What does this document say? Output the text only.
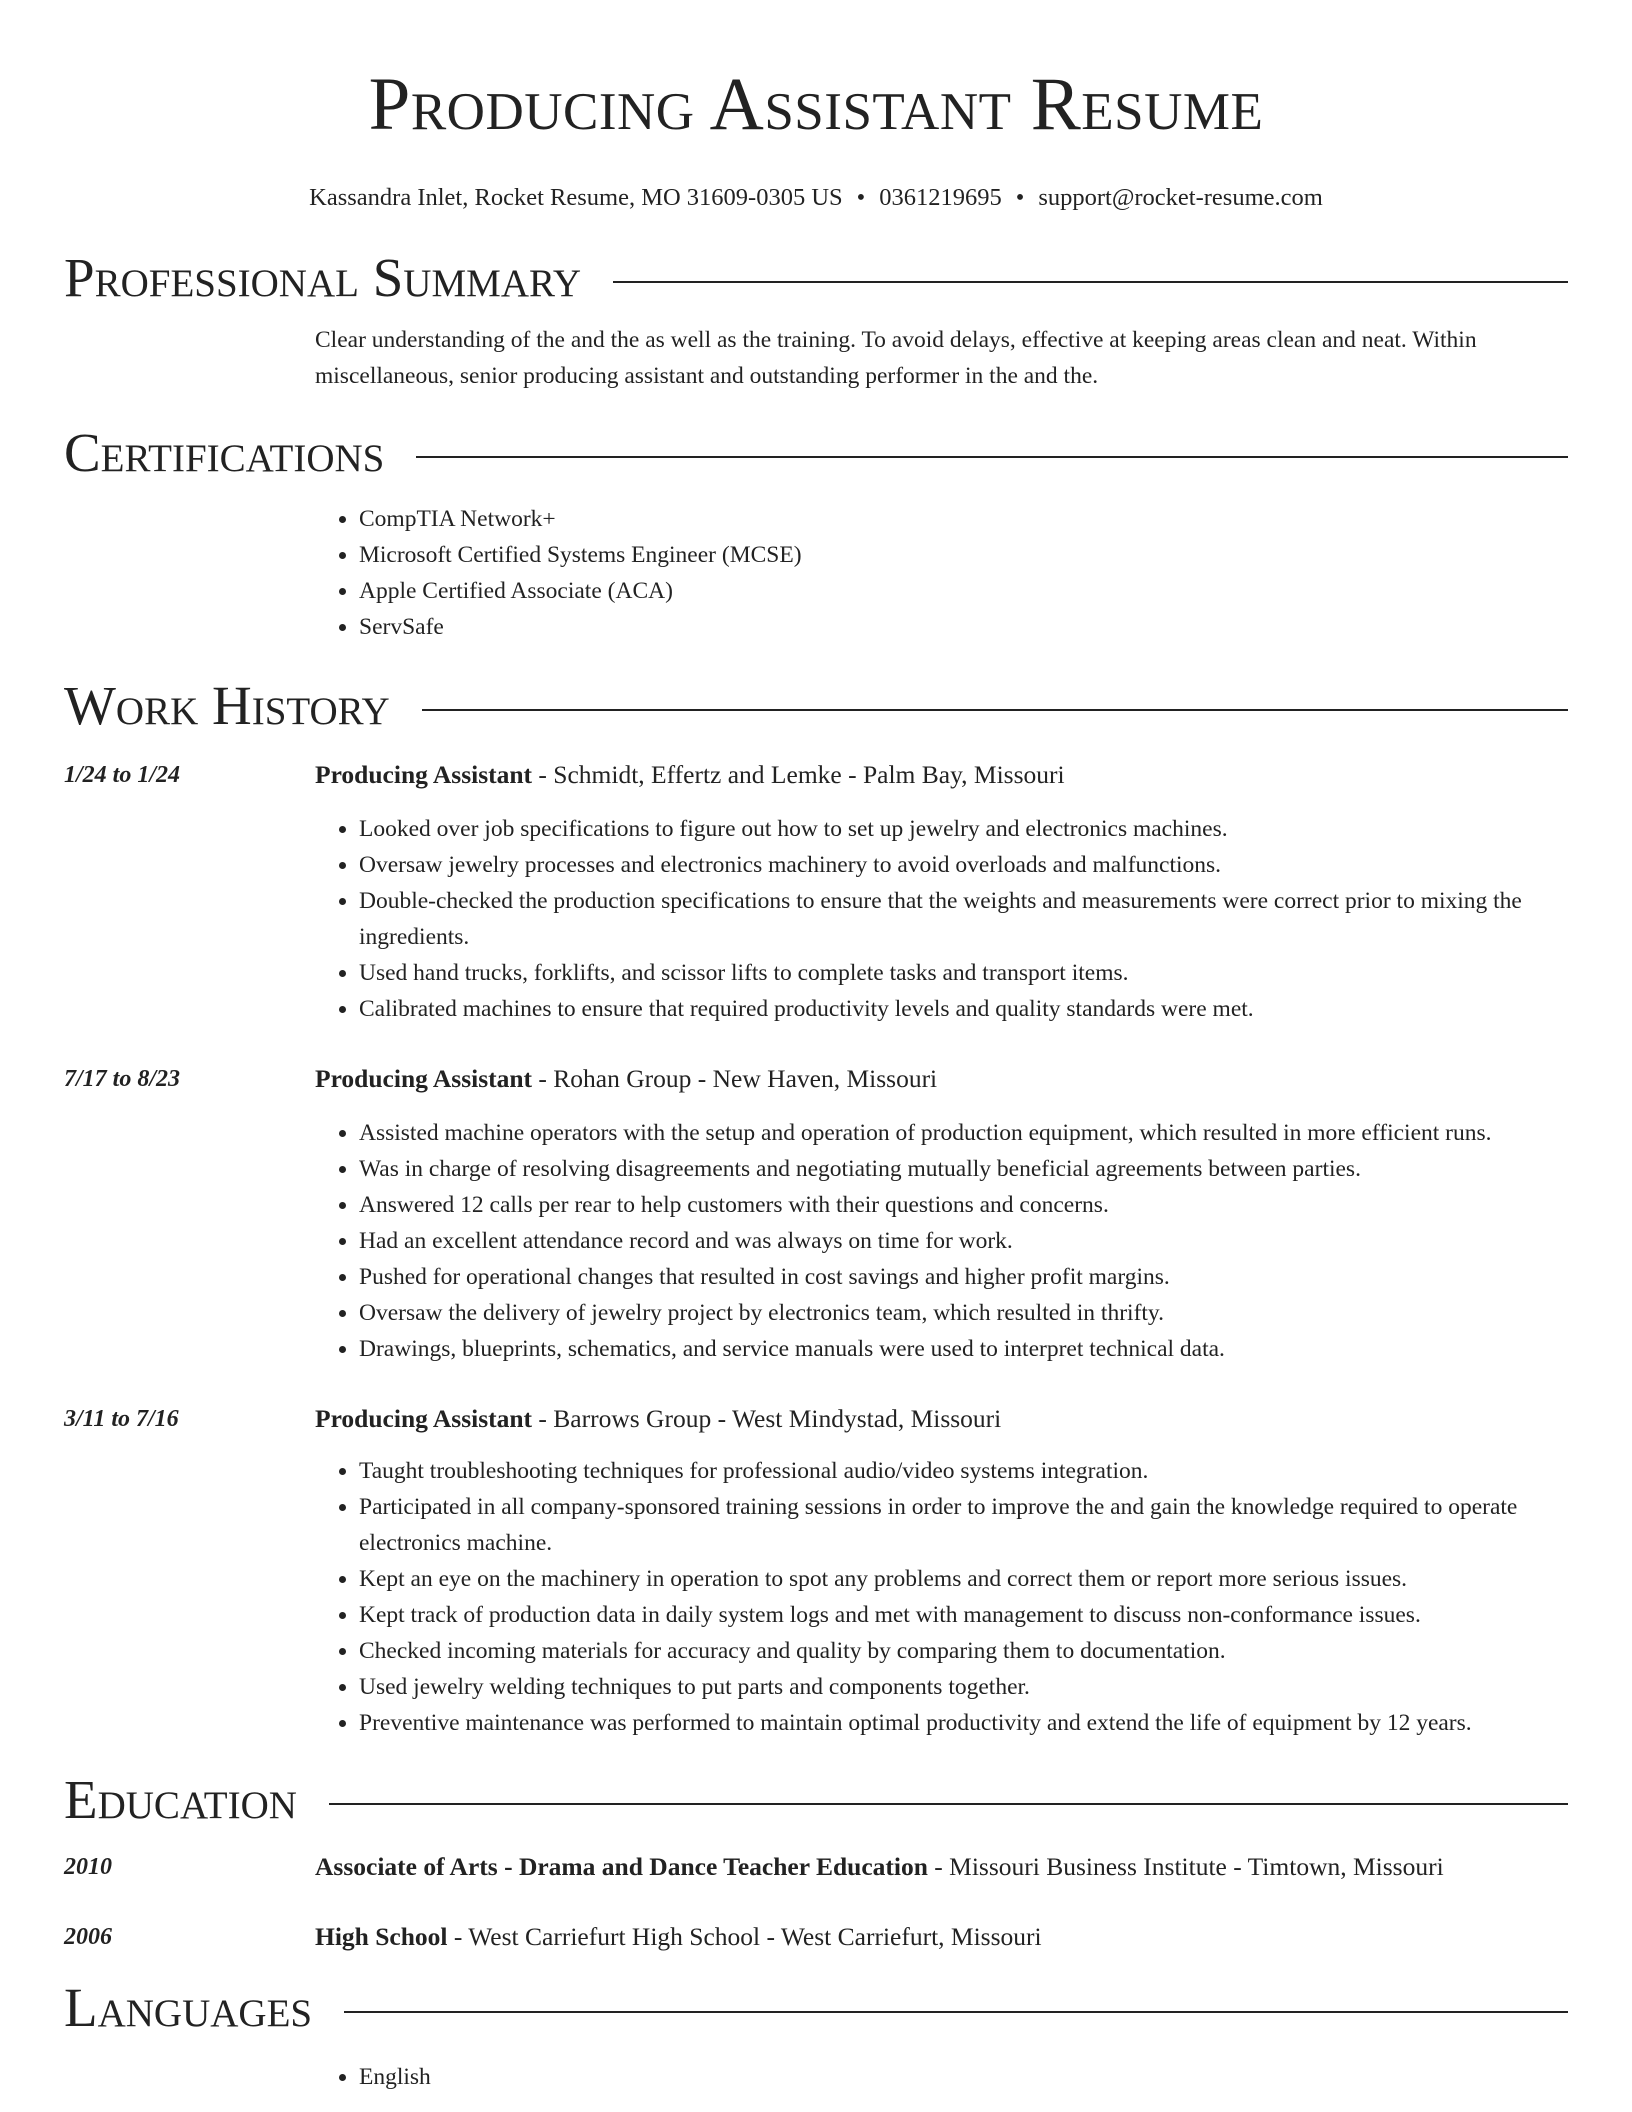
Producing Assistant Resume
Kassandra Inlet, Rocket Resume, MO 31609-0305 US • 0361219695 • support@rocket-resume.com
Professional Summary
Clear understanding of the and the as well as the training. To avoid delays, effective at keeping areas clean and neat. Within miscellaneous, senior producing assistant and outstanding performer in the and the.
Certifications
• CompTIA Network+
• Microsoft Certified Systems Engineer (MCSE)
• Apple Certified Associate (ACA)
• ServSafe
Work History
1/24 to 1/24	Producing Assistant - Schmidt, Effertz and Lemke - Palm Bay, Missouri
• Looked over job specifications to figure out how to set up jewelry and electronics machines.
• Oversaw jewelry processes and electronics machinery to avoid overloads and malfunctions.
• Double-checked the production specifications to ensure that the weights and measurements were correct prior to mixing the ingredients.
• Used hand trucks, forklifts, and scissor lifts to complete tasks and transport items.
• Calibrated machines to ensure that required productivity levels and quality standards were met.
7/17 to 8/23	Producing Assistant - Rohan Group - New Haven, Missouri
• Assisted machine operators with the setup and operation of production equipment, which resulted in more efficient runs.
• Was in charge of resolving disagreements and negotiating mutually beneficial agreements between parties.
• Answered 12 calls per rear to help customers with their questions and concerns.
• Had an excellent attendance record and was always on time for work.
• Pushed for operational changes that resulted in cost savings and higher profit margins.
• Oversaw the delivery of jewelry project by electronics team, which resulted in thrifty.
• Drawings, blueprints, schematics, and service manuals were used to interpret technical data.
3/11 to 7/16	Producing Assistant - Barrows Group - West Mindystad, Missouri
• Taught troubleshooting techniques for professional audio/video systems integration.
• Participated in all company-sponsored training sessions in order to improve the and gain the knowledge required to operate electronics machine.
• Kept an eye on the machinery in operation to spot any problems and correct them or report more serious issues.
• Kept track of production data in daily system logs and met with management to discuss non-conformance issues.
• Checked incoming materials for accuracy and quality by comparing them to documentation.
• Used jewelry welding techniques to put parts and components together.
• Preventive maintenance was performed to maintain optimal productivity and extend the life of equipment by 12 years.
Education
2010	Associate of Arts - Drama and Dance Teacher Education - Missouri Business Institute - Timtown, Missouri
2006	High School - West Carriefurt High School - West Carriefurt, Missouri
Languages
• English
